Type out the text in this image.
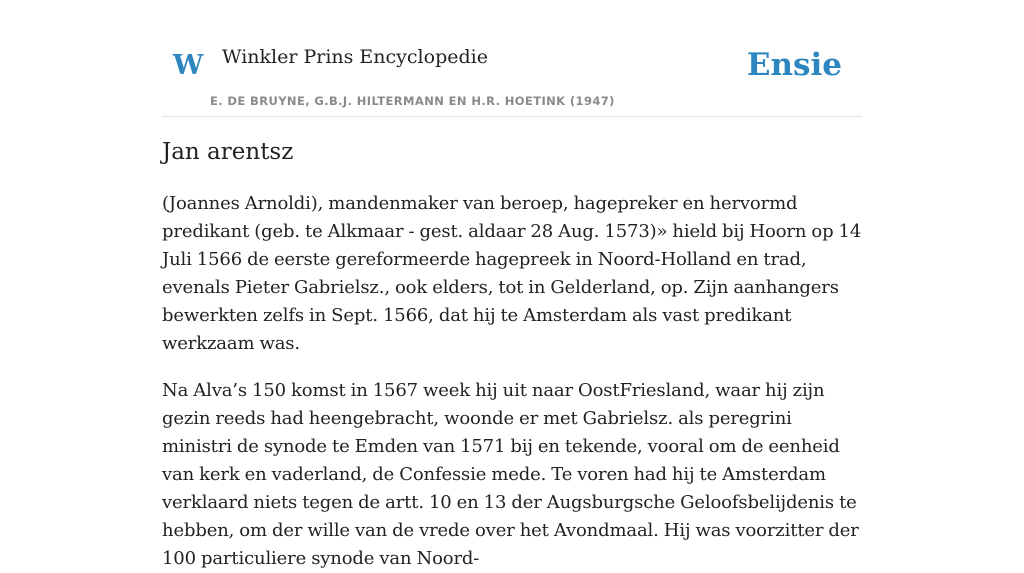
W Winkler Prins Encyclopedie
E. DE BRUYNE, G.B.J. HILTERMANN EN H.R. HOETINK (1947)
Ensie
Jan arentsz

(Joannes Arnoldi), mandenmaker van beroep, hagepreker en hervormd predikant (geb. te Alkmaar - gest. aldaar 28 Aug. 1573)» hield bij Hoorn op 14 Juli 1566 de eerste gereformeerde hagepreek in Noord-Holland en trad, evenals Pieter Gabrielsz., ook elders, tot in Gelderland, op. Zijn aanhangers bewerkten zelfs in Sept. 1566, dat hij te Amsterdam als vast predikant werkzaam was.

Na Alva’s 150 komst in 1567 week hij uit naar OostFriesland, waar hij zijn gezin reeds had heengebracht, woonde er met Gabrielsz. als peregrini ministri de synode te Emden van 1571 bij en tekende, vooral om de eenheid van kerk en vaderland, de Confessie mede. Te voren had hij te Amsterdam verklaard niets tegen de artt. 10 en 13 der Augsburgsche Geloofsbelijdenis te hebben, om der wille van de vrede over het Avondmaal. Hij was voorzitter der 100 particuliere synode van Noord-
